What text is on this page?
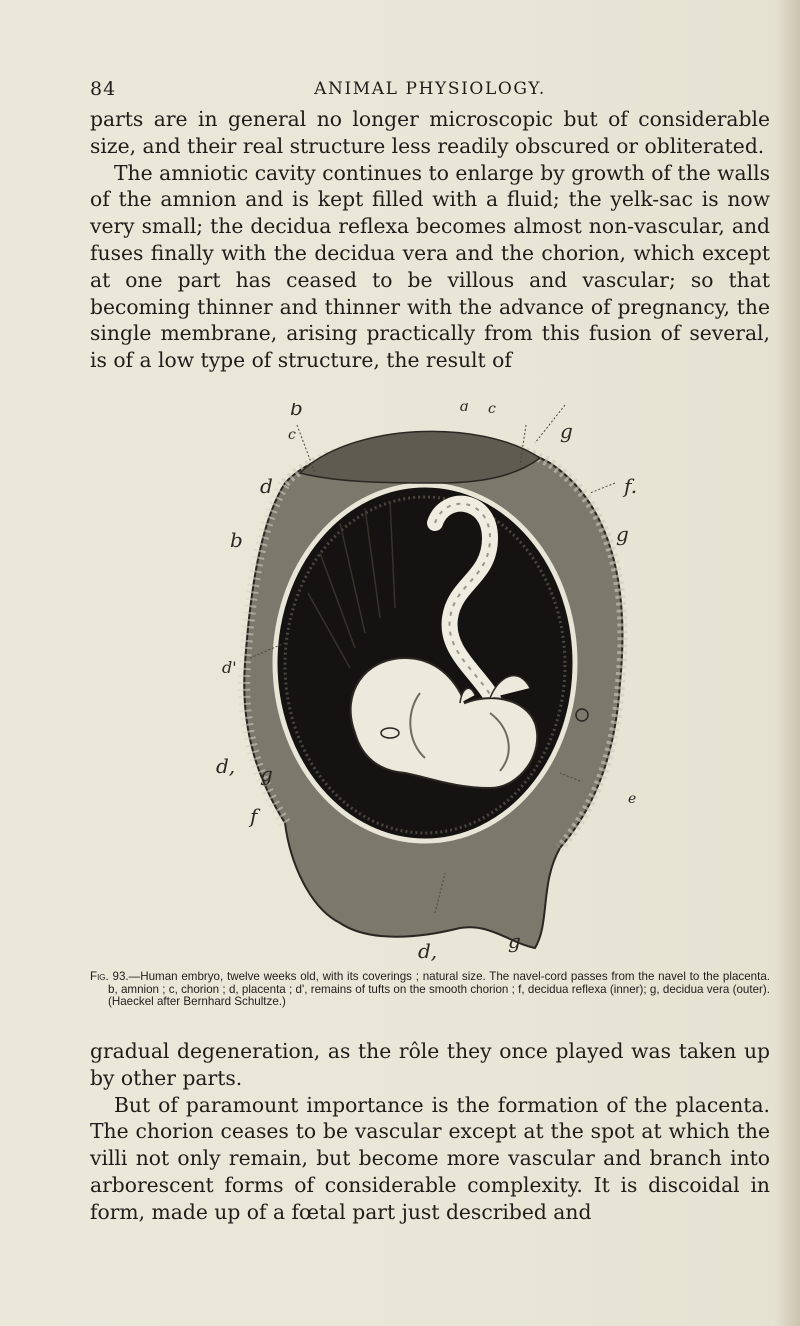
84	ANIMAL PHYSIOLOGY.

parts are in general no longer microscopic but of considerable size, and their real structure less readily obscured or obliterated.

The amniotic cavity continues to enlarge by growth of the walls of the amnion and is kept filled with a fluid; the yelk-sac is now very small; the decidua reflexa becomes almost non-vascular, and fuses finally with the decidua vera and the chorion, which except at one part has ceased to be villous and vascular; so that becoming thinner and thinner with the advance of pregnancy, the single membrane, arising practically from this fusion of several, is of a low type of structure, the result of

b	d c
c	g
d	f.
g
b
d'
d, g
f
e
d,	g

Fig. 93.—Human embryo, twelve weeks old, with its coverings ; natural size. The navel-cord passes from the navel to the placenta. b, amnion ; c, chorion ; d, placenta ; d', remains of tufts on the smooth chorion ; f, decidua reflexa (inner); g, decidua vera (outer). (Haeckel after Bernhard Schultze.)

gradual degeneration, as the rôle they once played was taken up by other parts.

But of paramount importance is the formation of the placenta. The chorion ceases to be vascular except at the spot at which the villi not only remain, but become more vascular and branch into arborescent forms of considerable complexity. It is discoidal in form, made up of a fœtal part just described and
